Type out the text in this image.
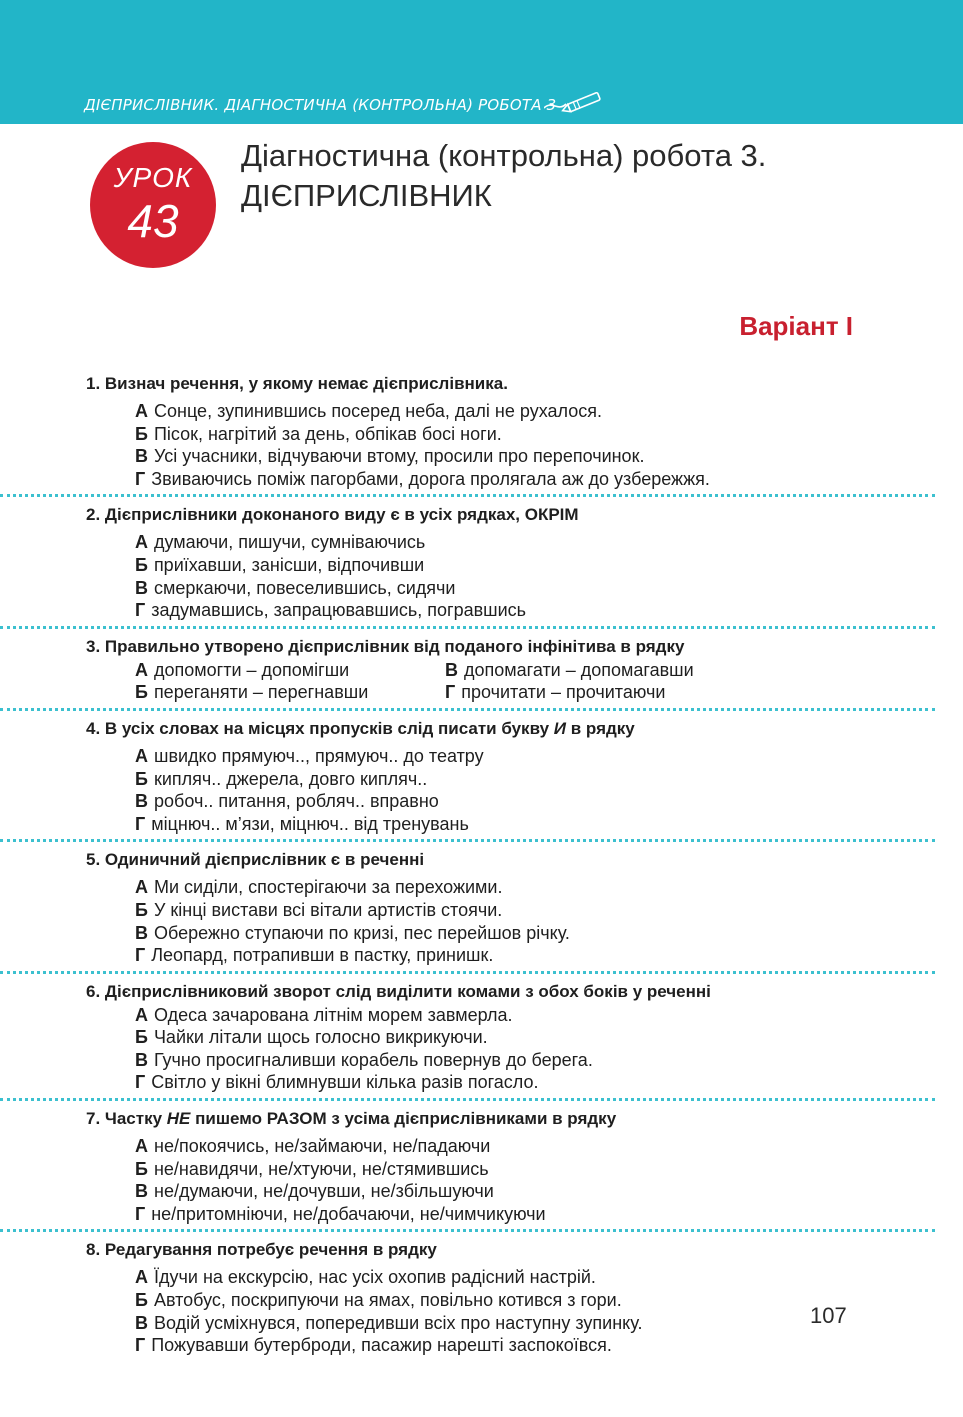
ДІЄПРИСЛІВНИК. ДІАГНОСТИЧНА (КОНТРОЛЬНА) РОБОТА 3
УРОК
43
Діагностична (контрольна) робота 3.
ДІЄПРИСЛІВНИК
Варіант І
1. Визнач речення, у якому немає дієприслівника.
А Сонце, зупинившись посеред неба, далі не рухалося.
Б Пісок, нагрітий за день, обпікав босі ноги.
В Усі учасники, відчуваючи втому, просили про перепочинок.
Г Звиваючись поміж пагорбами, дорога пролягала аж до узбережжя.
2. Дієприслівники доконаного виду є в усіх рядках, ОКРІМ
А думаючи, пишучи, сумніваючись
Б приїхавши, занісши, відпочивши
В смеркаючи, повеселившись, сидячи
Г задумавшись, запрацювавшись, погравшись
3. Правильно утворено дієприслівник від поданого інфінітива в рядку
А допомогти – допомігши	В допомагати – допомагавши
Б переганяти – перегнавши	Г прочитати – прочитаючи
4. В усіх словах на місцях пропусків слід писати букву И в рядку
А швидко прямуюч.., прямуюч.. до театру
Б кипляч.. джерела, довго кипляч..
В робоч.. питання, робляч.. вправно
Г міцнюч.. м’язи, міцнюч.. від тренувань
5. Одиничний дієприслівник є в реченні
А Ми сиділи, спостерігаючи за перехожими.
Б У кінці вистави всі вітали артистів стоячи.
В Обережно ступаючи по кризі, пес перейшов річку.
Г Леопард, потрапивши в пастку, принишк.
6. Дієприслівниковий зворот слід виділити комами з обох боків у реченні
А Одеса зачарована літнім морем завмерла.
Б Чайки літали щось голосно викрикуючи.
В Гучно просигналивши корабель повернув до берега.
Г Світло у вікні блимнувши кілька разів погасло.
7. Частку НЕ пишемо РАЗОМ з усіма дієприслівниками в рядку
А не/покоячись, не/займаючи, не/падаючи
Б не/навидячи, не/хтуючи, не/стямившись
В не/думаючи, не/дочувши, не/збільшуючи
Г не/притомніючи, не/добачаючи, не/чимчикуючи
8. Редагування потребує речення в рядку
А Їдучи на екскурсію, нас усіх охопив радісний настрій.
Б Автобус, поскрипуючи на ямах, повільно котився з гори.
В Водій усміхнувся, попередивши всіх про наступну зупинку.
Г Пожувавши бутерброди, пасажир нарешті заспокоївся.
107
